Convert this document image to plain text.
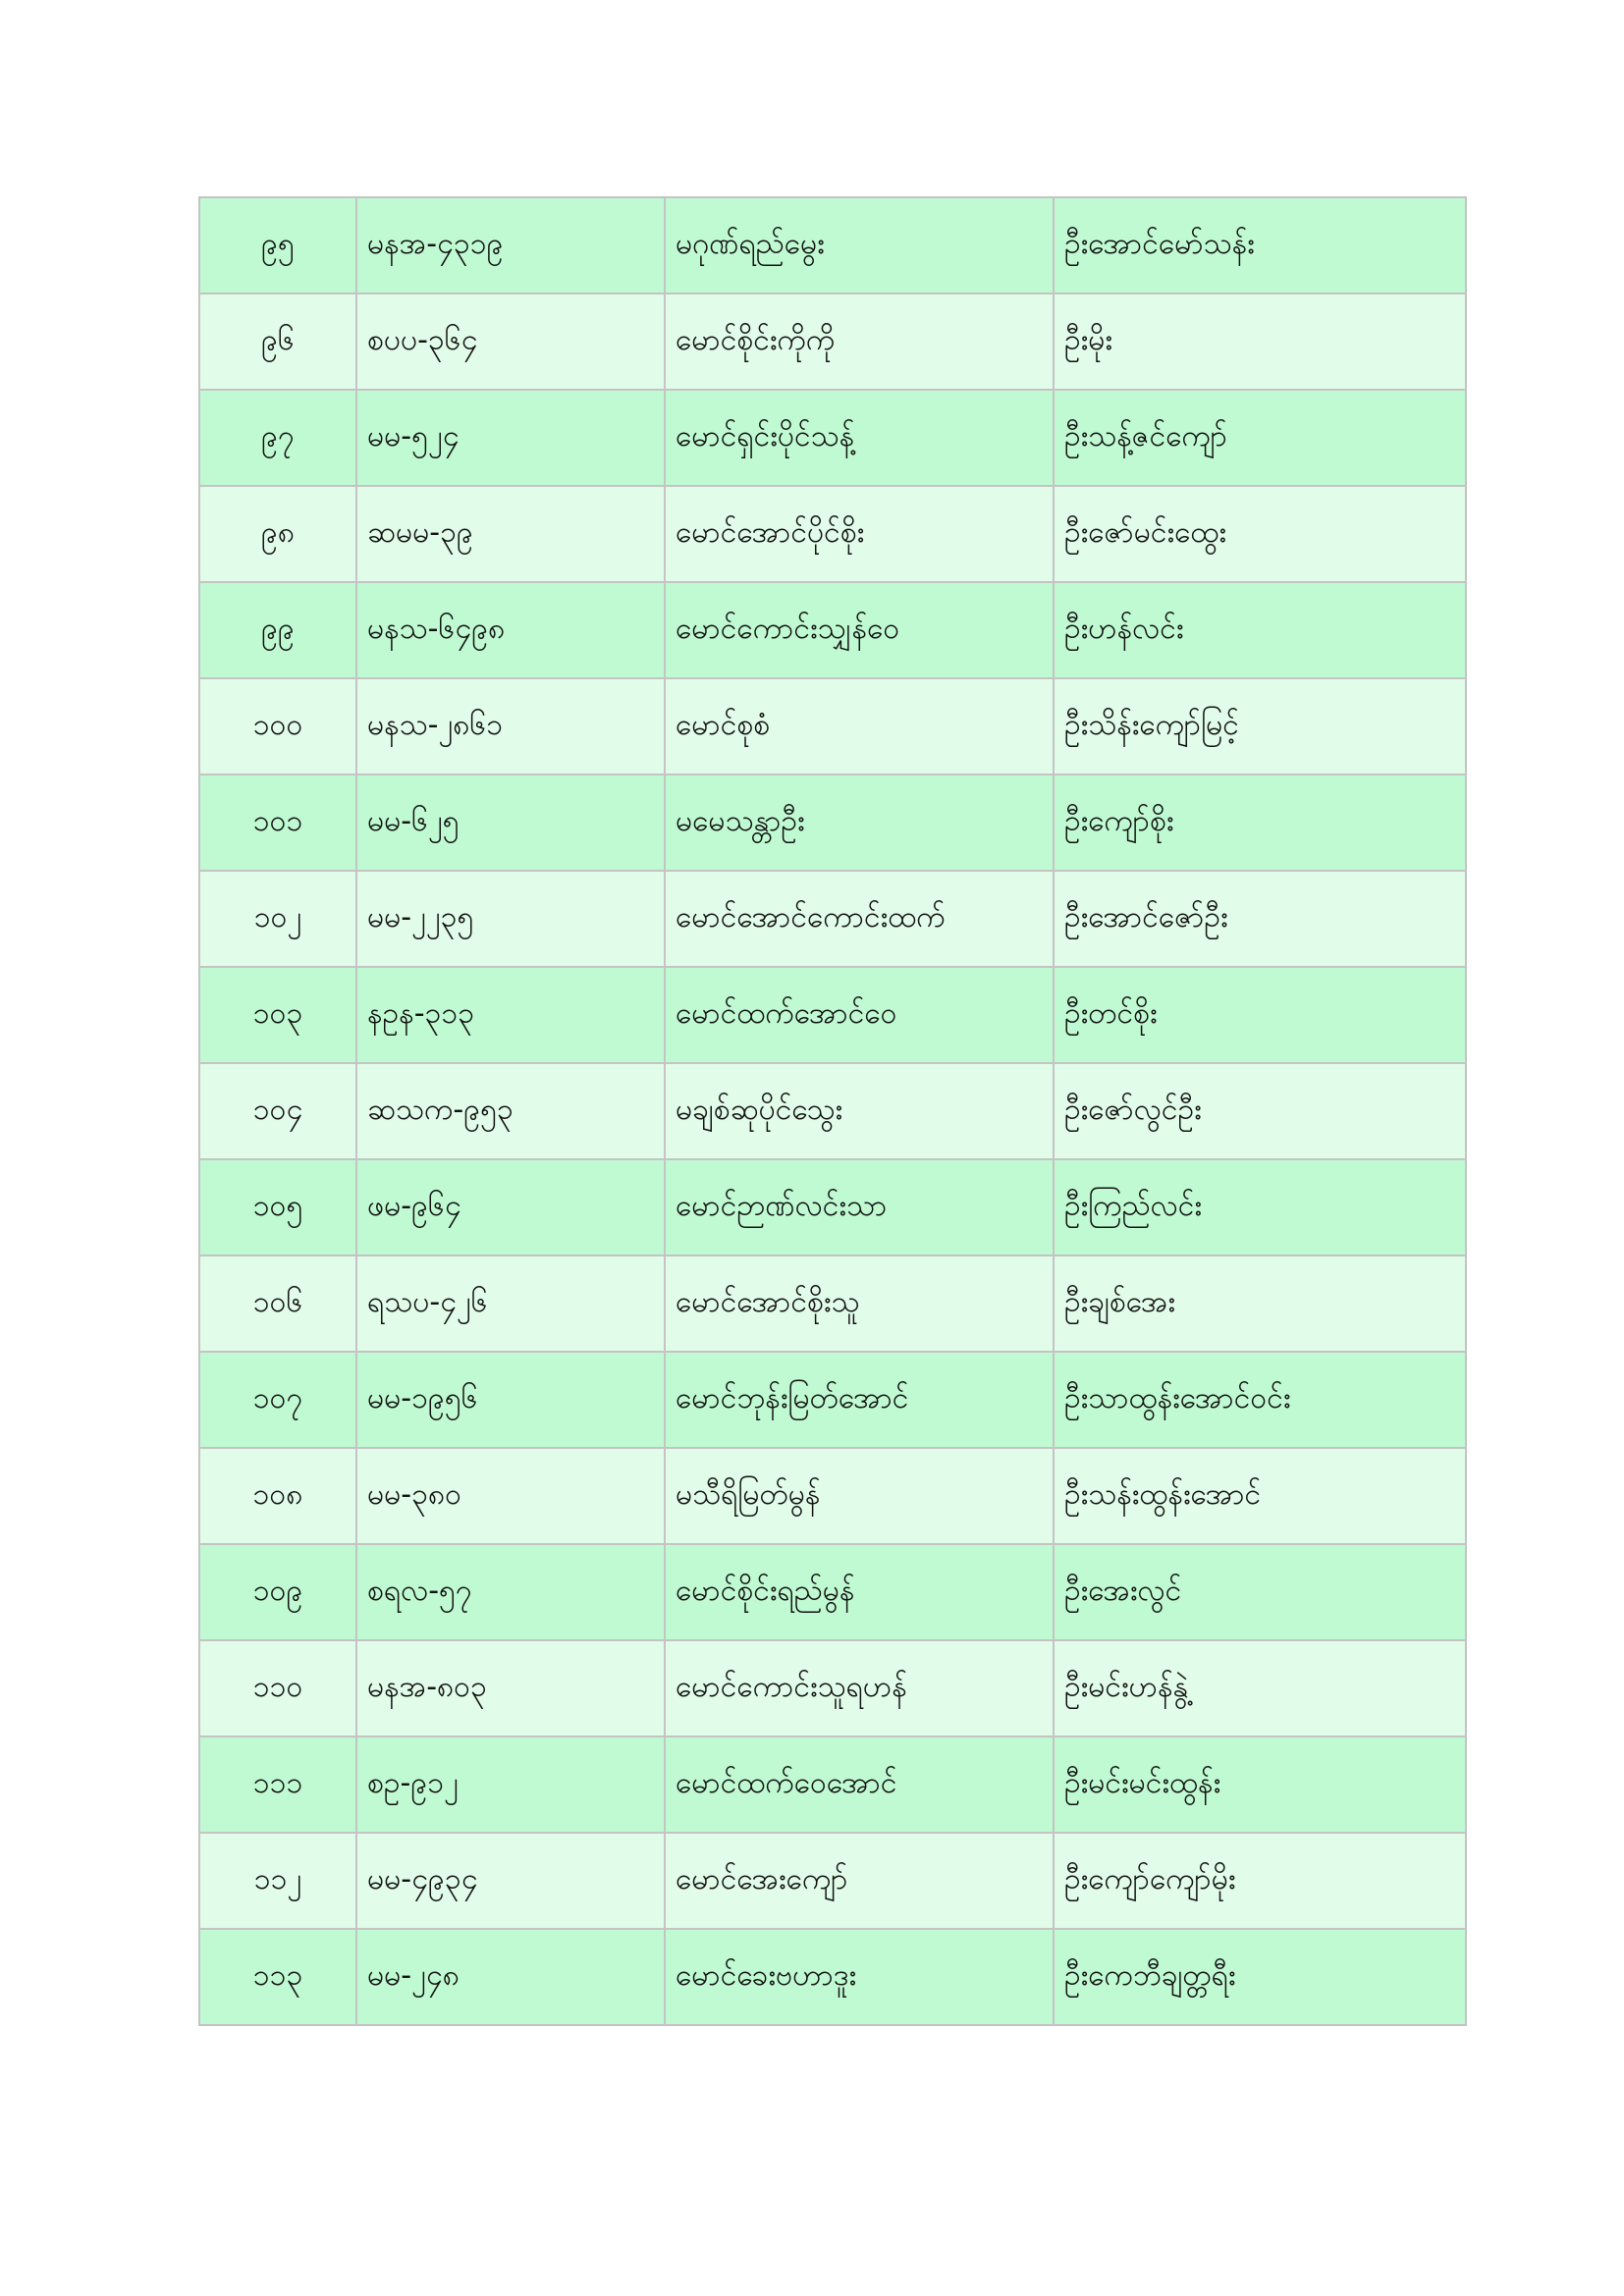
၉၅	မနအ-၄၃၁၉	မဂုဏ်ရည်မွေး	ဦးအောင်မော်သန်း
၉၆	စပပ-၃၆၄	မောင်စိုင်းကိုကို	ဦးမိုး
၉၇	မမ-၅၂၄	မောင်ရှင်းပိုင်သန့်	ဦးသန့်ဇင်ကျော်
၉၈	ဆမမ-၃၉	မောင်အောင်ပိုင်စိုး	ဦးဇော်မင်းထွေး
၉၉	မနသ-၆၄၉၈	မောင်ကောင်းသျှန်ဝေ	ဦးဟန်လင်း
၁၀၀	မနသ-၂၈၆၁	မောင်စုစံ	ဦးသိန်းကျော်မြင့်
၁၀၁	မမ-၆၂၅	မမေသန္တာဦး	ဦးကျော်စိုး
၁၀၂	မမ-၂၂၃၅	မောင်အောင်ကောင်းထက်	ဦးအောင်ဇော်ဦး
၁၀၃	နဥန-၃၁၃	မောင်ထက်အောင်ဝေ	ဦးတင်စိုး
၁၀၄	ဆသက-၉၅၃	မချစ်ဆုပိုင်သွေး	ဦးဇော်လွင်ဦး
၁၀၅	ဖမ-၉၆၄	မောင်ဉာဏ်လင်းသာ	ဦးကြည်လင်း
၁၀၆	ရသပ-၄၂၆	မောင်အောင်စိုးသူ	ဦးချစ်အေး
၁၀၇	မမ-၁၉၅၆	မောင်ဘုန်းမြတ်အောင်	ဦးသာထွန်းအောင်ဝင်း
၁၀၈	မမ-၃၈၀	မသီရိမြတ်မွန်	ဦးသန်းထွန်းအောင်
၁၀၉	စရလ-၅၇	မောင်စိုင်းရည်မွန်	ဦးအေးလွင်
၁၁၀	မနအ-၈၀၃	မောင်ကောင်းသူရဟန်	ဦးမင်းဟန်နွဲ့
၁၁၁	စဥ-၉၁၂	မောင်ထက်ဝေအောင်	ဦးမင်းမင်းထွန်း
၁၁၂	မမ-၄၉၃၄	မောင်အေးကျော်	ဦးကျော်ကျော်မိုး
၁၁၃	မမ-၂၄၈	မောင်ခေးဗဟာဒူး	ဦးကေဘီချတ္တရီး
